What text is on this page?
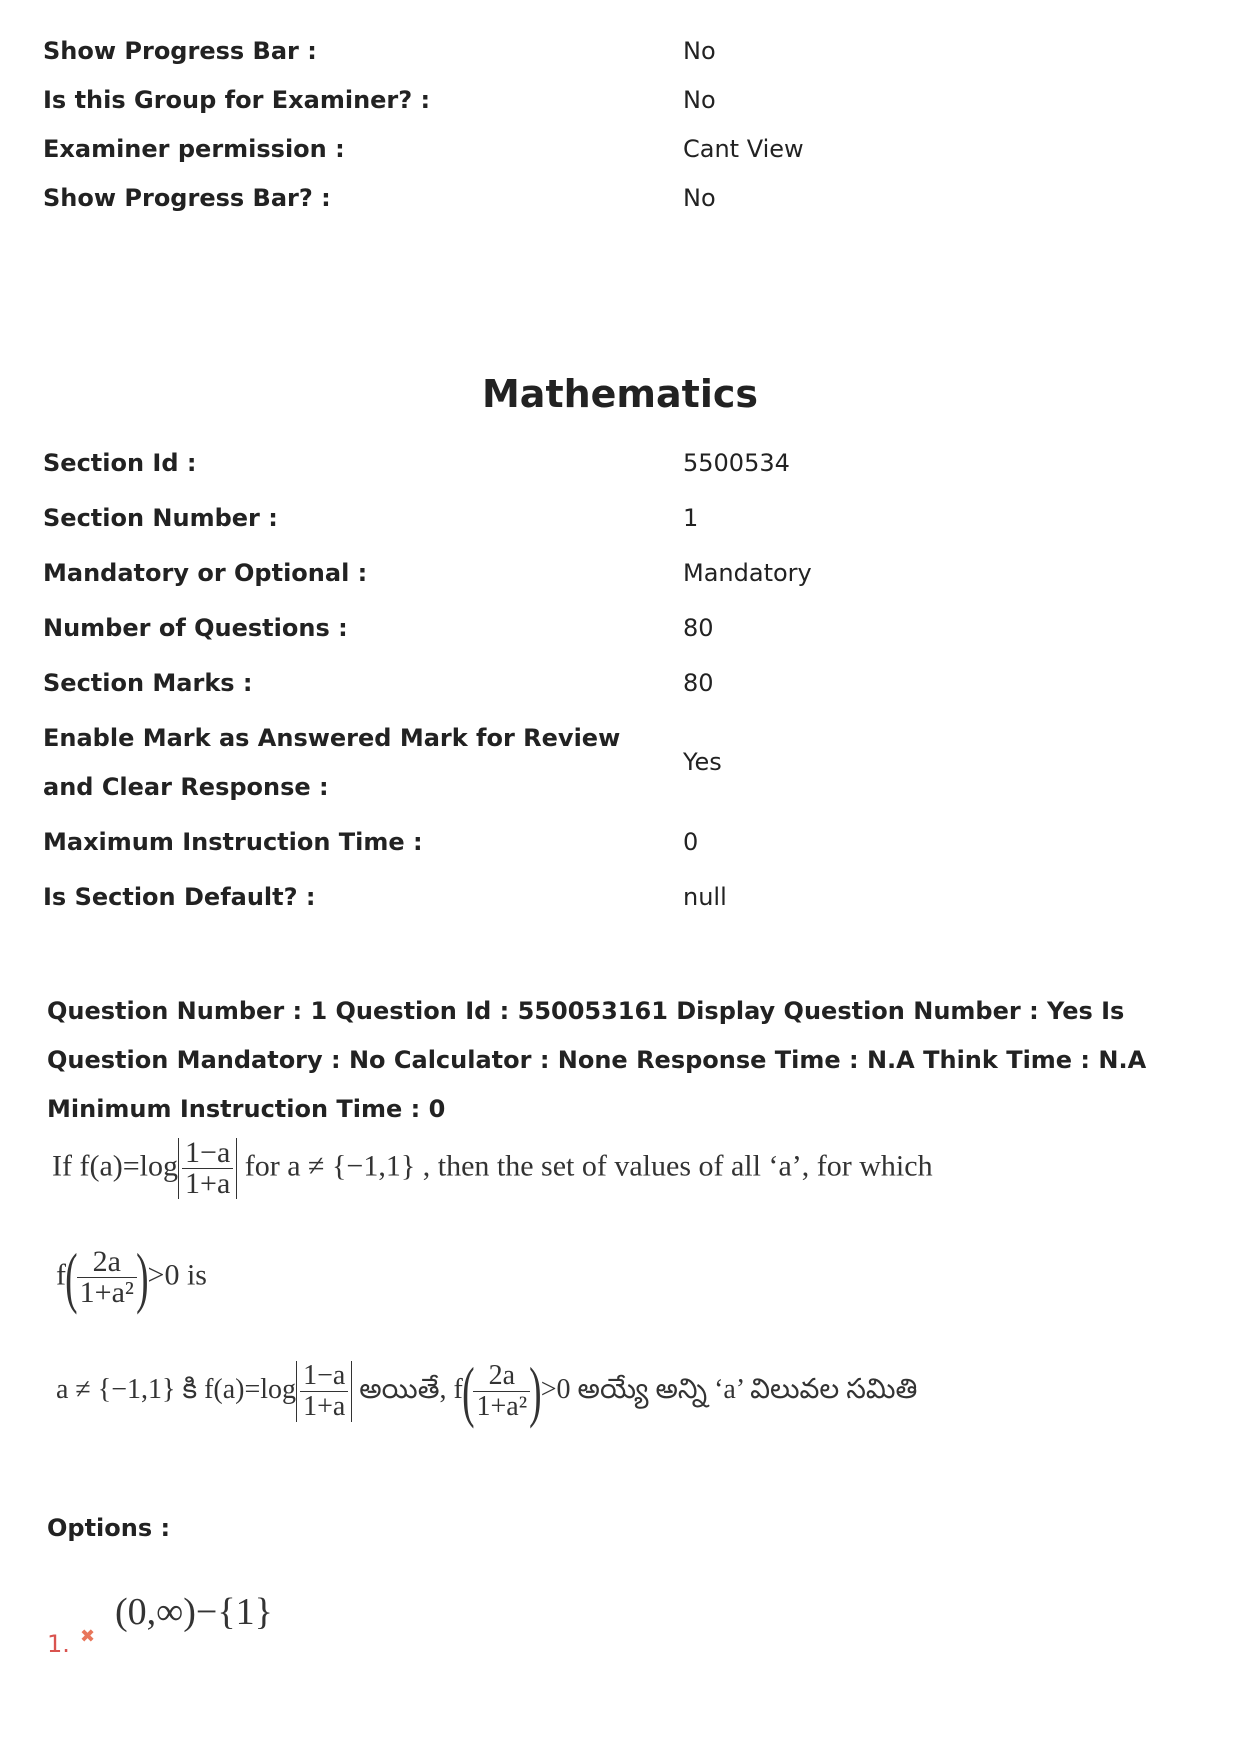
Show Progress Bar :	No
Is this Group for Examiner? :	No
Examiner permission :	Cant View
Show Progress Bar? :	No
Mathematics
Section Id :	5500534
Section Number :	1
Mandatory or Optional :	Mandatory
Number of Questions :	80
Section Marks :	80
Enable Mark as Answered Mark for Review and Clear Response :
Yes
Maximum Instruction Time :	0
Is Section Default? :	null
Question Number : 1 Question Id : 550053161 Display Question Number : Yes Is Question Mandatory : No Calculator : None Response Time : N.A Think Time : N.A Minimum Instruction Time : 0
If $f(a)=\log \frac{1-a}{1+a}$ for a ≠ {−1,1} , then the set of values of all ‘a’, for which
$f( \frac{2a}{\text{1+a²}} )>0$ is
a ≠ {−1,1} కి $f(a)=\log \frac{1-a}{1+a}$ అయితే, $f( \frac{2a}{\text{1+a²}} )>0$ అయ్యే అన్ని ‘a’ విలువల సమితి
Options :
1. ✖
(0,∞)−{1}
